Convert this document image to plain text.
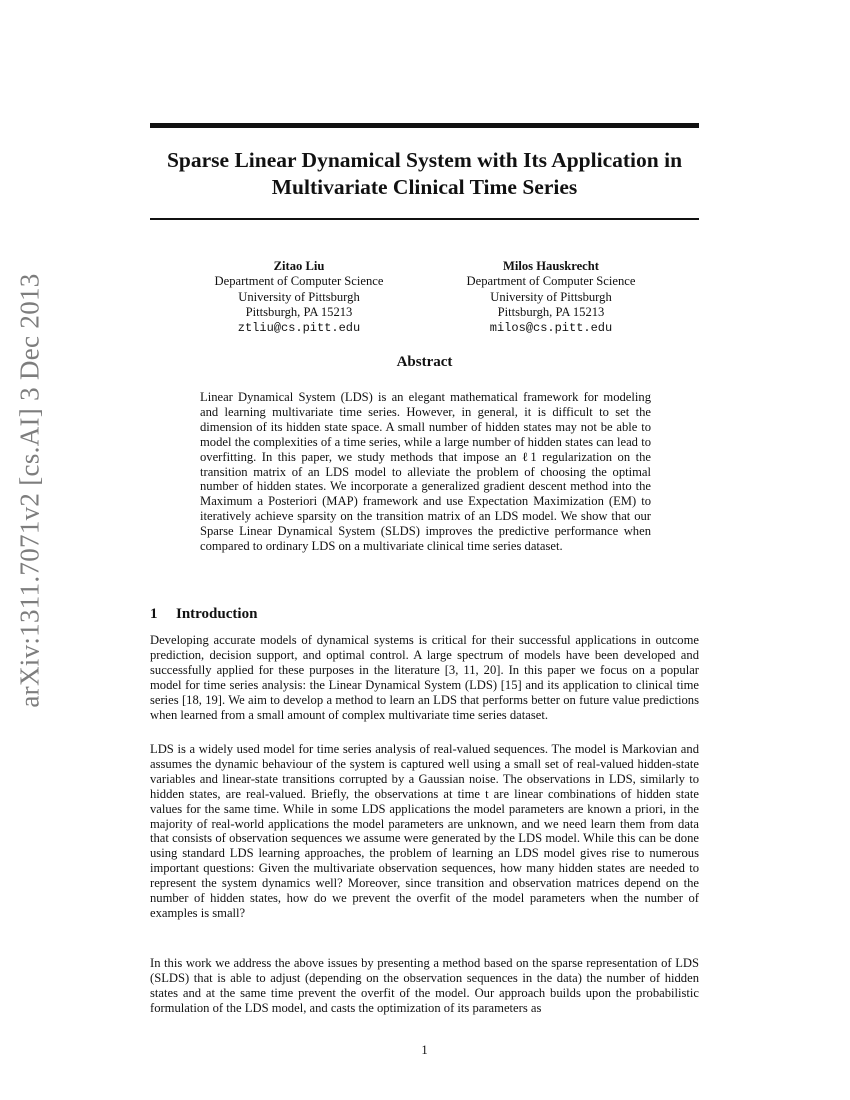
arXiv:1311.7071v2 [cs.AI] 3 Dec 2013
Sparse Linear Dynamical System with Its Application in Multivariate Clinical Time Series
Zitao Liu
Department of Computer Science
University of Pittsburgh
Pittsburgh, PA 15213
ztliu@cs.pitt.edu
Milos Hauskrecht
Department of Computer Science
University of Pittsburgh
Pittsburgh, PA 15213
milos@cs.pitt.edu
Abstract
Linear Dynamical System (LDS) is an elegant mathematical framework for modeling and learning multivariate time series. However, in general, it is difficult to set the dimension of its hidden state space. A small number of hidden states may not be able to model the complexities of a time series, while a large number of hidden states can lead to overfitting. In this paper, we study methods that impose an ℓ1 regularization on the transition matrix of an LDS model to alleviate the problem of choosing the optimal number of hidden states. We incorporate a generalized gradient descent method into the Maximum a Posteriori (MAP) framework and use Expectation Maximization (EM) to iteratively achieve sparsity on the transition matrix of an LDS model. We show that our Sparse Linear Dynamical System (SLDS) improves the predictive performance when compared to ordinary LDS on a multivariate clinical time series dataset.
1 Introduction
Developing accurate models of dynamical systems is critical for their successful applications in outcome prediction, decision support, and optimal control. A large spectrum of models have been developed and successfully applied for these purposes in the literature [3, 11, 20]. In this paper we focus on a popular model for time series analysis: the Linear Dynamical System (LDS) [15] and its application to clinical time series [18, 19]. We aim to develop a method to learn an LDS that performs better on future value predictions when learned from a small amount of complex multivariate time series dataset.
LDS is a widely used model for time series analysis of real-valued sequences. The model is Markovian and assumes the dynamic behaviour of the system is captured well using a small set of real-valued hidden-state variables and linear-state transitions corrupted by a Gaussian noise. The observations in LDS, similarly to hidden states, are real-valued. Briefly, the observations at time t are linear combinations of hidden state values for the same time. While in some LDS applications the model parameters are known a priori, in the majority of real-world applications the model parameters are unknown, and we need learn them from data that consists of observation sequences we assume were generated by the LDS model. While this can be done using standard LDS learning approaches, the problem of learning an LDS model gives rise to numerous important questions: Given the multivariate observation sequences, how many hidden states are needed to represent the system dynamics well? Moreover, since transition and observation matrices depend on the number of hidden states, how do we prevent the overfit of the model parameters when the number of examples is small?
In this work we address the above issues by presenting a method based on the sparse representation of LDS (SLDS) that is able to adjust (depending on the observation sequences in the data) the number of hidden states and at the same time prevent the overfit of the model. Our approach builds upon the probabilistic formulation of the LDS model, and casts the optimization of its parameters as
1
